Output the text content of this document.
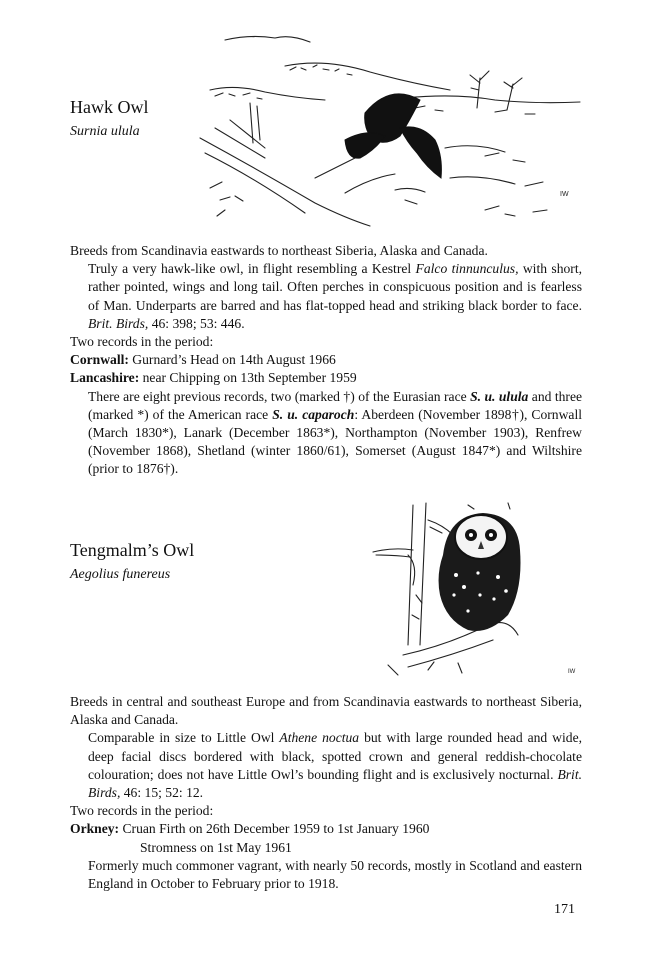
Hawk Owl
Surnia ulula
IW
Breeds from Scandinavia eastwards to northeast Siberia, Alaska and Canada.
Truly a very hawk-like owl, in flight resembling a Kestrel Falco tinnunculus, with short, rather pointed, wings and long tail. Often perches in conspicuous position and is fearless of Man. Underparts are barred and has flat-topped head and striking black border to face. Brit. Birds, 46: 398; 53: 446.
Two records in the period:
Cornwall: Gurnard’s Head on 14th August 1966
Lancashire: near Chipping on 13th September 1959
There are eight previous records, two (marked †) of the Eurasian race S. u. ulula and three (marked *) of the American race S. u. caparoch: Aberdeen (November 1898†), Cornwall (March 1830*), Lanark (December 1863*), Northampton (November 1903), Renfrew (November 1868), Shetland (winter 1860/61), Somerset (August 1847*) and Wiltshire (prior to 1876†).
Tengmalm’s Owl
Aegolius funereus
IW
Breeds in central and southeast Europe and from Scandinavia eastwards to northeast Siberia, Alaska and Canada.
Comparable in size to Little Owl Athene noctua but with large rounded head and wide, deep facial discs bordered with black, spotted crown and general reddish-chocolate colouration; does not have Little Owl’s bounding flight and is exclusively nocturnal. Brit. Birds, 46: 15; 52: 12.
Two records in the period:
Orkney: Cruan Firth on 26th December 1959 to 1st January 1960
Stromness on 1st May 1961
Formerly much commoner vagrant, with nearly 50 records, mostly in Scotland and eastern England in October to February prior to 1918.
171
